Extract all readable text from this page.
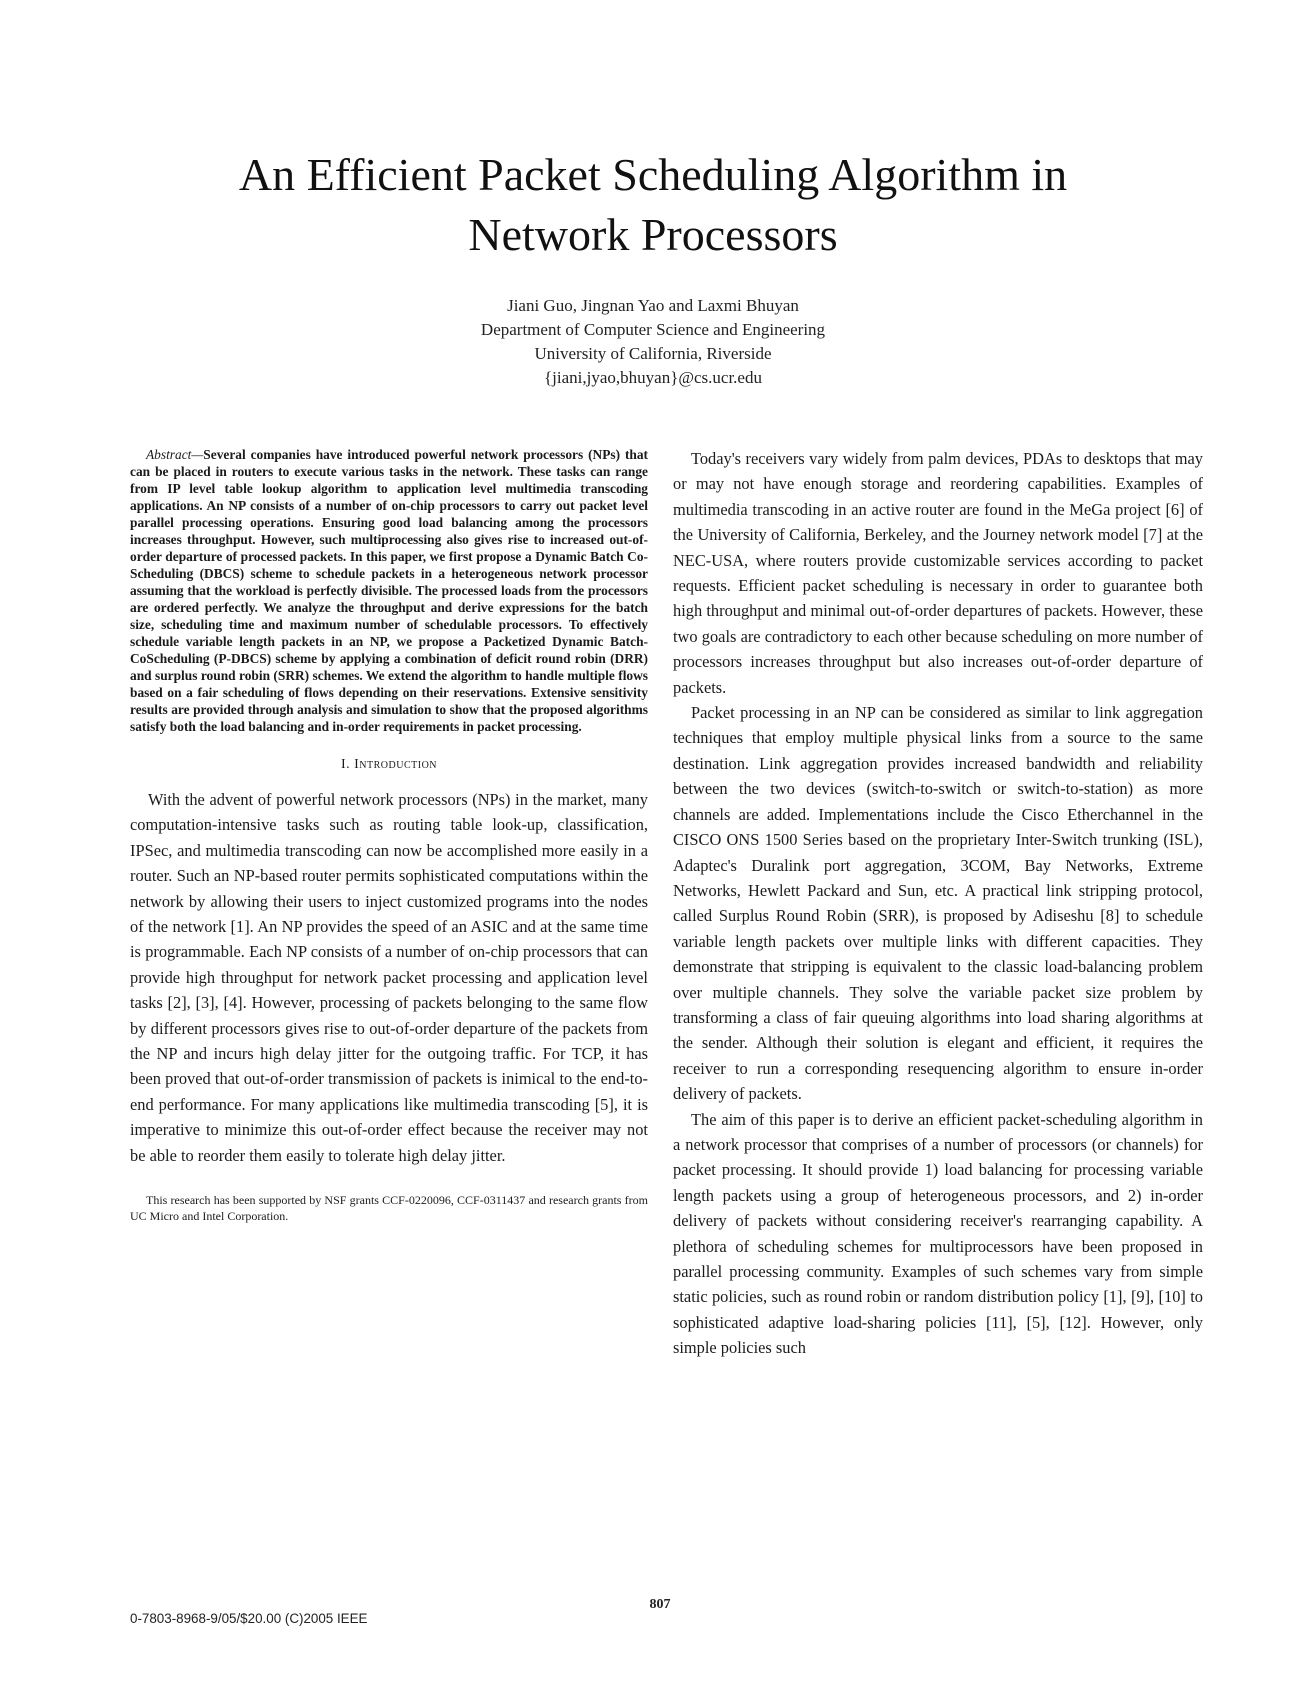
An Efficient Packet Scheduling Algorithm in
Network Processors
Jiani Guo, Jingnan Yao and Laxmi Bhuyan
Department of Computer Science and Engineering
University of California, Riverside
{jiani,jyao,bhuyan}@cs.ucr.edu

Abstract—Several companies have introduced powerful network processors (NPs) that can be placed in routers to execute various tasks in the network. These tasks can range from IP level table lookup algorithm to application level multimedia transcoding applications. An NP consists of a number of on-chip processors to carry out packet level parallel processing operations. Ensuring good load balancing among the processors increases throughput. However, such multiprocessing also gives rise to increased out-of-order departure of processed packets. In this paper, we first propose a Dynamic Batch Co-Scheduling (DBCS) scheme to schedule packets in a heterogeneous network processor assuming that the workload is perfectly divisible. The processed loads from the processors are ordered perfectly. We analyze the throughput and derive expressions for the batch size, scheduling time and maximum number of schedulable processors. To effectively schedule variable length packets in an NP, we propose a Packetized Dynamic Batch-CoScheduling (P-DBCS) scheme by applying a combination of deficit round robin (DRR) and surplus round robin (SRR) schemes. We extend the algorithm to handle multiple flows based on a fair scheduling of flows depending on their reservations. Extensive sensitivity results are provided through analysis and simulation to show that the proposed algorithms satisfy both the load balancing and in-order requirements in packet processing.

I. Introduction

With the advent of powerful network processors (NPs) in the market, many computation-intensive tasks such as routing table look-up, classification, IPSec, and multimedia transcoding can now be accomplished more easily in a router. Such an NP-based router permits sophisticated computations within the network by allowing their users to inject customized programs into the nodes of the network [1]. An NP provides the speed of an ASIC and at the same time is programmable. Each NP consists of a number of on-chip processors that can provide high throughput for network packet processing and application level tasks [2], [3], [4]. However, processing of packets belonging to the same flow by different processors gives rise to out-of-order departure of the packets from the NP and incurs high delay jitter for the outgoing traffic. For TCP, it has been proved that out-of-order transmission of packets is inimical to the end-to-end performance. For many applications like multimedia transcoding [5], it is imperative to minimize this out-of-order effect because the receiver may not be able to reorder them easily to tolerate high delay jitter.

This research has been supported by NSF grants CCF-0220096, CCF-0311437 and research grants from UC Micro and Intel Corporation.

Today's receivers vary widely from palm devices, PDAs to desktops that may or may not have enough storage and reordering capabilities. Examples of multimedia transcoding in an active router are found in the MeGa project [6] of the University of California, Berkeley, and the Journey network model [7] at the NEC-USA, where routers provide customizable services according to packet requests. Efficient packet scheduling is necessary in order to guarantee both high throughput and minimal out-of-order departures of packets. However, these two goals are contradictory to each other because scheduling on more number of processors increases throughput but also increases out-of-order departure of packets.

Packet processing in an NP can be considered as similar to link aggregation techniques that employ multiple physical links from a source to the same destination. Link aggregation provides increased bandwidth and reliability between the two devices (switch-to-switch or switch-to-station) as more channels are added. Implementations include the Cisco Etherchannel in the CISCO ONS 1500 Series based on the proprietary Inter-Switch trunking (ISL), Adaptec's Duralink port aggregation, 3COM, Bay Networks, Extreme Networks, Hewlett Packard and Sun, etc. A practical link stripping protocol, called Surplus Round Robin (SRR), is proposed by Adiseshu [8] to schedule variable length packets over multiple links with different capacities. They demonstrate that stripping is equivalent to the classic load-balancing problem over multiple channels. They solve the variable packet size problem by transforming a class of fair queuing algorithms into load sharing algorithms at the sender. Although their solution is elegant and efficient, it requires the receiver to run a corresponding resequencing algorithm to ensure in-order delivery of packets.

The aim of this paper is to derive an efficient packet-scheduling algorithm in a network processor that comprises of a number of processors (or channels) for packet processing. It should provide 1) load balancing for processing variable length packets using a group of heterogeneous processors, and 2) in-order delivery of packets without considering receiver's rearranging capability. A plethora of scheduling schemes for multiprocessors have been proposed in parallel processing community. Examples of such schemes vary from simple static policies, such as round robin or random distribution policy [1], [9], [10] to sophisticated adaptive load-sharing policies [11], [5], [12]. However, only simple policies such

0-7803-8968-9/05/$20.00 (C)2005 IEEE
807
